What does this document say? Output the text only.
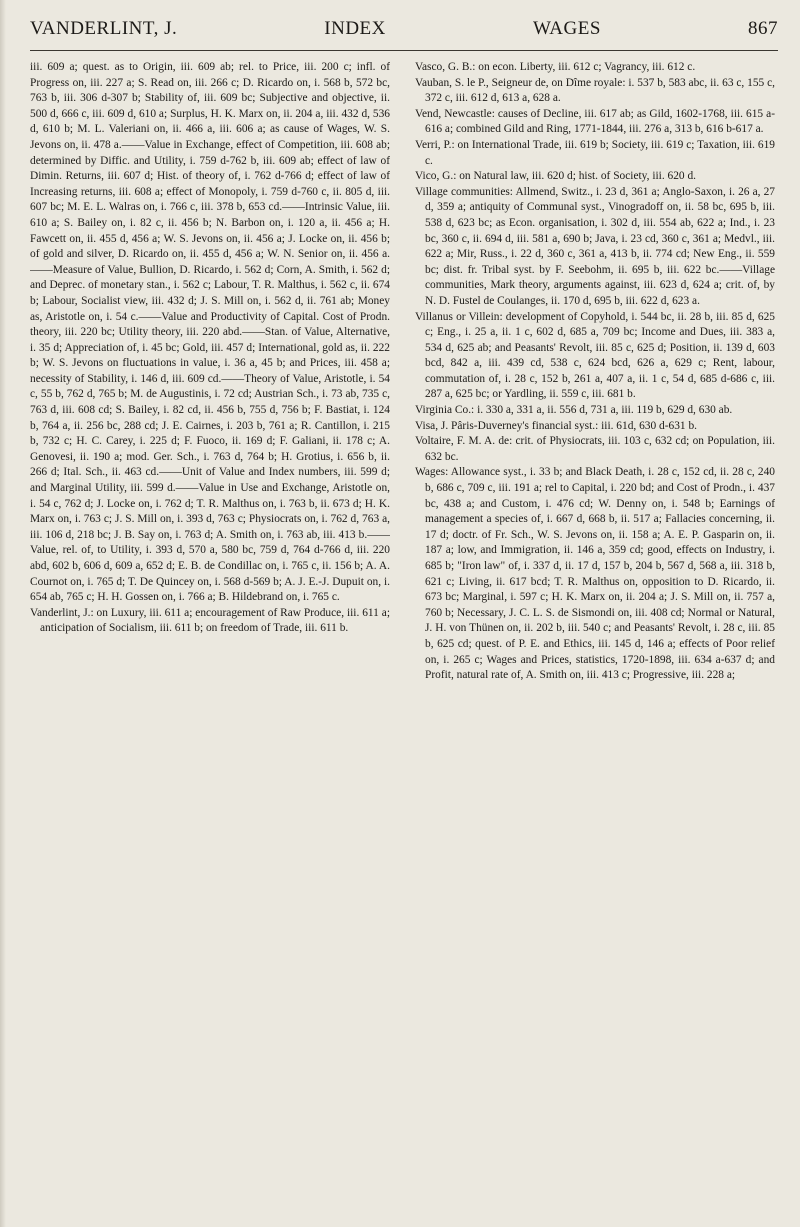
VANDERLINT, J.	INDEX	WAGES	867

iii. 609 a; quest. as to Origin, iii. 609 ab; rel. to Price, iii. 200 c; infl. of Progress on, iii. 227 a; S. Read on, iii. 266 c; D. Ricardo on, i. 568 b, 572 bc, 763 b, iii. 306 d-307 b; Stability of, iii. 609 bc; Subjective and objective, ii. 500 d, 666 c, iii. 609 d, 610 a; Surplus, H. K. Marx on, ii. 204 a, iii. 432 d, 536 d, 610 b; M. L. Valeriani on, ii. 466 a, iii. 606 a; as cause of Wages, W. S. Jevons on, ii. 478 a.——Value in Exchange, effect of Competition, iii. 608 ab; determined by Diffic. and Utility, i. 759 d-762 b, iii. 609 ab; effect of law of Dimin. Returns, iii. 607 d; Hist. of theory of, i. 762 d-766 d; effect of law of Increasing returns, iii. 608 a; effect of Monopoly, i. 759 d-760 c, ii. 805 d, iii. 607 bc; M. E. L. Walras on, i. 766 c, iii. 378 b, 653 cd.——Intrinsic Value, iii. 610 a; S. Bailey on, i. 82 c, ii. 456 b; N. Barbon on, i. 120 a, ii. 456 a; H. Fawcett on, ii. 455 d, 456 a; W. S. Jevons on, ii. 456 a; J. Locke on, ii. 456 b; of gold and silver, D. Ricardo on, ii. 455 d, 456 a; W. N. Senior on, ii. 456 a.——Measure of Value, Bullion, D. Ricardo, i. 562 d; Corn, A. Smith, i. 562 d; and Deprec. of monetary stan., i. 562 c; Labour, T. R. Malthus, i. 562 c, ii. 674 b; Labour, Socialist view, iii. 432 d; J. S. Mill on, i. 562 d, ii. 761 ab; Money as, Aristotle on, i. 54 c.——Value and Productivity of Capital. Cost of Prodn. theory, iii. 220 bc; Utility theory, iii. 220 abd.——Stan. of Value, Alternative, i. 35 d; Appreciation of, i. 45 bc; Gold, iii. 457 d; International, gold as, ii. 222 b; W. S. Jevons on fluctuations in value, i. 36 a, 45 b; and Prices, iii. 458 a; necessity of Stability, i. 146 d, iii. 609 cd.——Theory of Value, Aristotle, i. 54 c, 55 b, 762 d, 765 b; M. de Augustinis, i. 72 cd; Austrian Sch., i. 73 ab, 735 c, 763 d, iii. 608 cd; S. Bailey, i. 82 cd, ii. 456 b, 755 d, 756 b; F. Bastiat, i. 124 b, 764 a, ii. 256 bc, 288 cd; J. E. Cairnes, i. 203 b, 761 a; R. Cantillon, i. 215 b, 732 c; H. C. Carey, i. 225 d; F. Fuoco, ii. 169 d; F. Galiani, ii. 178 c; A. Genovesi, ii. 190 a; mod. Ger. Sch., i. 763 d, 764 b; H. Grotius, i. 656 b, ii. 266 d; Ital. Sch., ii. 463 cd.——Unit of Value and Index numbers, iii. 599 d; and Marginal Utility, iii. 599 d.——Value in Use and Exchange, Aristotle on, i. 54 c, 762 d; J. Locke on, i. 762 d; T. R. Malthus on, i. 763 b, ii. 673 d; H. K. Marx on, i. 763 c; J. S. Mill on, i. 393 d, 763 c; Physiocrats on, i. 762 d, 763 a, iii. 106 d, 218 bc; J. B. Say on, i. 763 d; A. Smith on, i. 763 ab, iii. 413 b.——Value, rel. of, to Utility, i. 393 d, 570 a, 580 bc, 759 d, 764 d-766 d, iii. 220 abd, 602 b, 606 d, 609 a, 652 d; E. B. de Condillac on, i. 765 c, ii. 156 b; A. A. Cournot on, i. 765 d; T. De Quincey on, i. 568 d-569 b; A. J. E.-J. Dupuit on, i. 654 ab, 765 c; H. H. Gossen on, i. 766 a; B. Hildebrand on, i. 765 c.

Vanderlint, J.: on Luxury, iii. 611 a; encouragement of Raw Produce, iii. 611 a; anticipation of Socialism, iii. 611 b; on freedom of Trade, iii. 611 b.

Vasco, G. B.: on econ. Liberty, iii. 612 c; Vagrancy, iii. 612 c.

Vauban, S. le P., Seigneur de, on Dîme royale: i. 537 b, 583 abc, ii. 63 c, 155 c, 372 c, iii. 612 d, 613 a, 628 a.

Vend, Newcastle: causes of Decline, iii. 617 ab; as Gild, 1602-1768, iii. 615 a-616 a; combined Gild and Ring, 1771-1844, iii. 276 a, 313 b, 616 b-617 a.

Verri, P.: on International Trade, iii. 619 b; Society, iii. 619 c; Taxation, iii. 619 c.

Vico, G.: on Natural law, iii. 620 d; hist. of Society, iii. 620 d.

Village communities: Allmend, Switz., i. 23 d, 361 a; Anglo-Saxon, i. 26 a, 27 d, 359 a; antiquity of Communal syst., Vinogradoff on, ii. 58 bc, 695 b, iii. 538 d, 623 bc; as Econ. organisation, i. 302 d, iii. 554 ab, 622 a; Ind., i. 23 bc, 360 c, ii. 694 d, iii. 581 a, 690 b; Java, i. 23 cd, 360 c, 361 a; Medvl., iii. 622 a; Mir, Russ., i. 22 d, 360 c, 361 a, 413 b, ii. 774 cd; New Eng., ii. 559 bc; dist. fr. Tribal syst. by F. Seebohm, ii. 695 b, iii. 622 bc.——Village communities, Mark theory, arguments against, iii. 623 d, 624 a; crit. of, by N. D. Fustel de Coulanges, ii. 170 d, 695 b, iii. 622 d, 623 a.

Villanus or Villein: development of Copyhold, i. 544 bc, ii. 28 b, iii. 85 d, 625 c; Eng., i. 25 a, ii. 1 c, 602 d, 685 a, 709 bc; Income and Dues, iii. 383 a, 534 d, 625 ab; and Peasants' Revolt, iii. 85 c, 625 d; Position, ii. 139 d, 603 bcd, 842 a, iii. 439 cd, 538 c, 624 bcd, 626 a, 629 c; Rent, labour, commutation of, i. 28 c, 152 b, 261 a, 407 a, ii. 1 c, 54 d, 685 d-686 c, iii. 287 a, 625 bc; or Yardling, ii. 559 c, iii. 681 b.

Virginia Co.: i. 330 a, 331 a, ii. 556 d, 731 a, iii. 119 b, 629 d, 630 ab.

Visa, J. Pâris-Duverney's financial syst.: iii. 61d, 630 d-631 b.

Voltaire, F. M. A. de: crit. of Physiocrats, iii. 103 c, 632 cd; on Population, iii. 632 bc.

Wages: Allowance syst., i. 33 b; and Black Death, i. 28 c, 152 cd, ii. 28 c, 240 b, 686 c, 709 c, iii. 191 a; rel to Capital, i. 220 bd; and Cost of Prodn., i. 437 bc, 438 a; and Custom, i. 476 cd; W. Denny on, i. 548 b; Earnings of management a species of, i. 667 d, 668 b, ii. 517 a; Fallacies concerning, ii. 17 d; doctr. of Fr. Sch., W. S. Jevons on, ii. 158 a; A. E. P. Gasparin on, ii. 187 a; low, and Immigration, ii. 146 a, 359 cd; good, effects on Industry, i. 685 b; "Iron law" of, i. 337 d, ii. 17 d, 157 b, 204 b, 567 d, 568 a, iii. 318 b, 621 c; Living, ii. 617 bcd; T. R. Malthus on, opposition to D. Ricardo, ii. 673 bc; Marginal, i. 597 c; H. K. Marx on, ii. 204 a; J. S. Mill on, ii. 757 a, 760 b; Necessary, J. C. L. S. de Sismondi on, iii. 408 cd; Normal or Natural, J. H. von Thünen on, ii. 202 b, iii. 540 c; and Peasants' Revolt, i. 28 c, iii. 85 b, 625 cd; quest. of P. E. and Ethics, iii. 145 d, 146 a; effects of Poor relief on, i. 265 c; Wages and Prices, statistics, 1720-1898, iii. 634 a-637 d; and Profit, natural rate of, A. Smith on, iii. 413 c; Progressive, iii. 228 a;
